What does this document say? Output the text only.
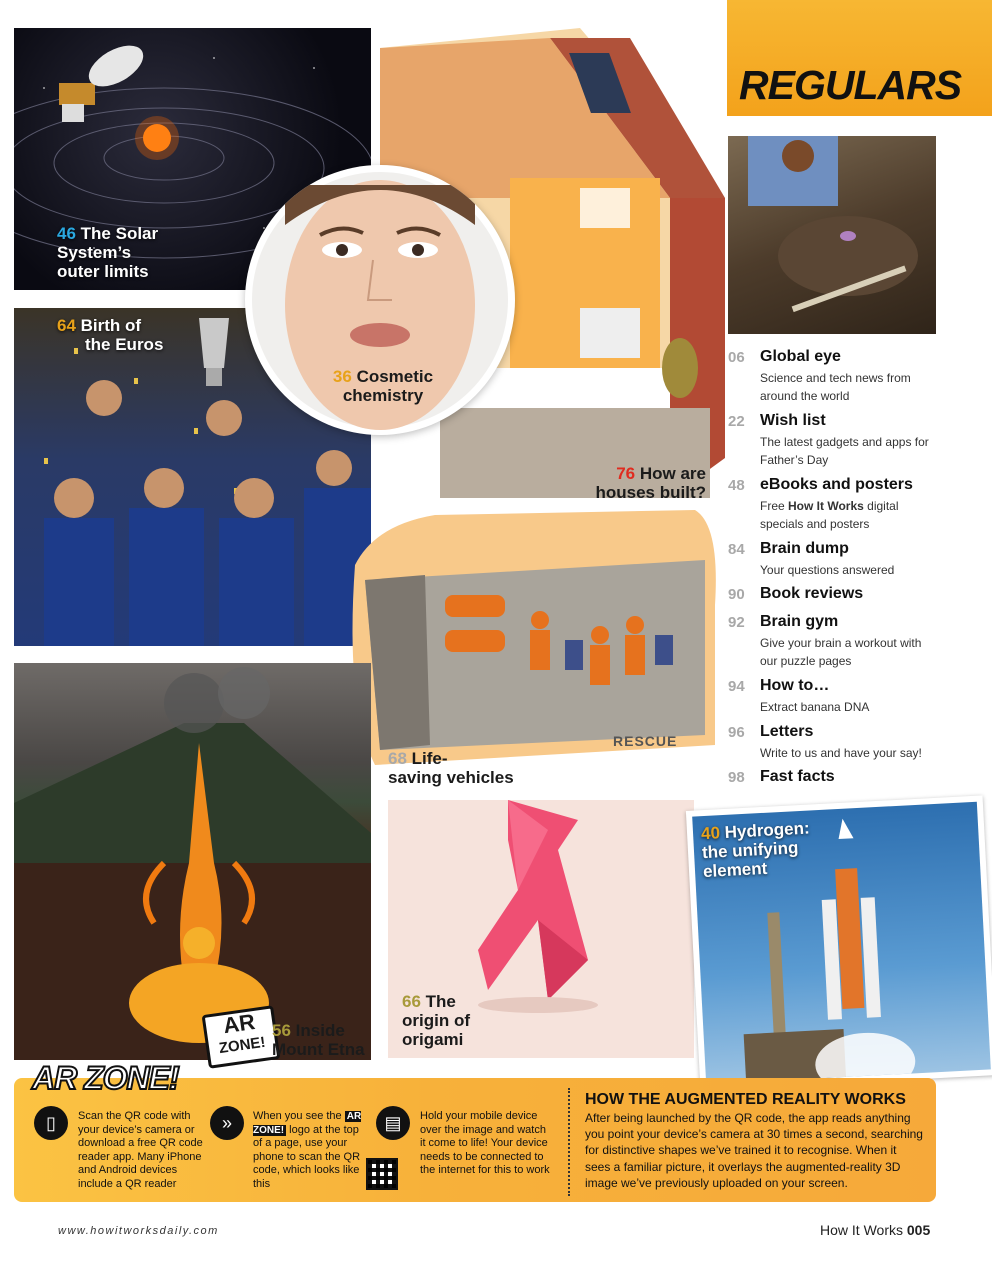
46 The Solar
System’s
outer limits
64 Birth of
the Euros
76 How are
houses built?
36 Cosmetic
chemistry
RESCUE
68 Life-
saving vehicles
AR
ZONE!
56 Inside
Mount Etna
66 The
origin of
origami
40 Hydrogen:
the unifying
element
REGULARS
06 Global eye
Science and tech news from around the world
22 Wish list
The latest gadgets and apps for Father’s Day
48 eBooks and posters
Free How It Works digital specials and posters
84 Brain dump
Your questions answered
90 Book reviews
92 Brain gym
Give your brain a workout with our puzzle pages
94 How to…
Extract banana DNA
96 Letters
Write to us and have your say!
98 Fast facts
AR ZONE!
▯	Scan the QR code with your device’s camera or download a free QR code reader app. Many iPhone and Android devices include a QR reader
»	When you see the AR ZONE! logo at the top of a page, use your phone to scan the QR code, which looks like this
▤	Hold your mobile device over the image and watch it come to life! Your device needs to be connected to the internet for this to work
HOW THE AUGMENTED REALITY WORKS
After being launched by the QR code, the app reads anything you point your device’s camera at 30 times a second, searching for distinctive shapes we’ve trained it to recognise. When it sees a familiar picture, it overlays the augmented-reality 3D image we’ve previously uploaded on your screen.
www.howitworksdaily.com	How It Works 005
